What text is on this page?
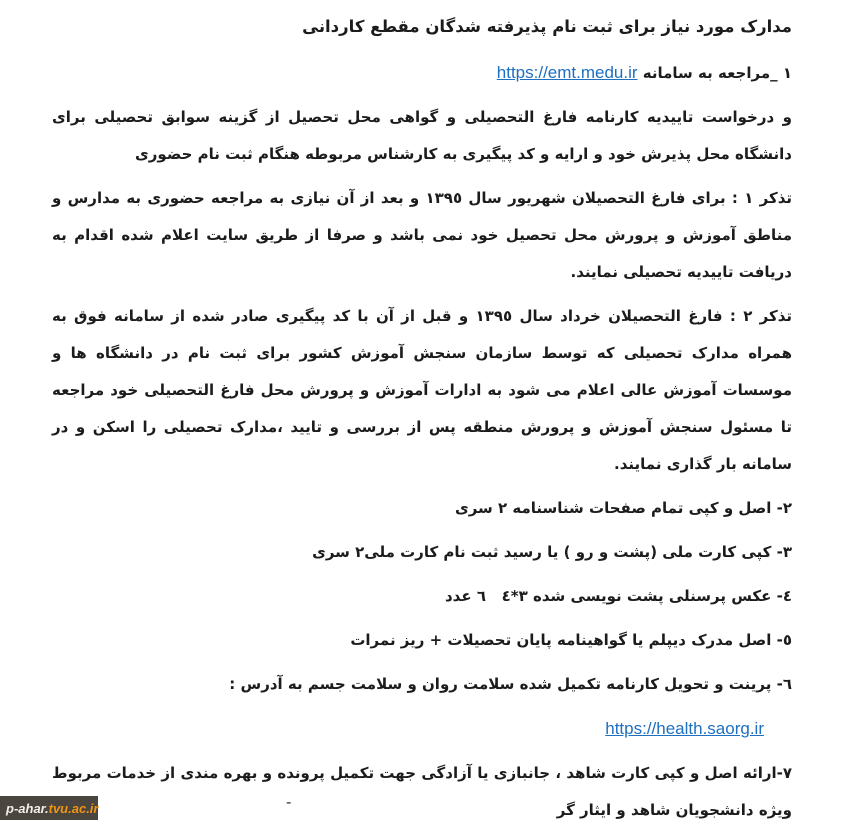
مدارک مورد نیاز برای ثبت نام پذیرفته شدگان مقطع کاردانی

١ _مراجعه به سامانه https://emt.medu.ir

و درخواست تاییدیه کارنامه فارغ التحصیلی و گواهی محل تحصیل از گزینه سوابق تحصیلی برای دانشگاه محل پذیرش خود و ارایه و کد پیگیری به کارشناس مربوطه هنگام ثبت نام حضوری

تذکر ١ : برای فارغ التحصیلان شهریور سال ١٣٩٥ و بعد از آن نیازی به مراجعه حضوری به مدارس و مناطق آموزش و پرورش محل تحصیل خود نمی باشد و صرفا از طریق سایت اعلام شده اقدام به دریافت تاییدیه تحصیلی نمایند.

تذکر ٢ : فارغ التحصیلان خرداد سال ١٣٩٥ و قبل از آن با کد پیگیری صادر شده از سامانه فوق به همراه مدارک تحصیلی که توسط سازمان سنجش آموزش کشور برای ثبت نام در دانشگاه ها و موسسات آموزش عالی اعلام می شود به ادارات آموزش و پرورش محل فارغ التحصیلی خود مراجعه تا مسئول سنجش آموزش و پرورش منطقه پس از بررسی و تایید ،مدارک تحصیلی را اسکن و در سامانه بار گذاری نمایند.

٢- اصل و کپی تمام صفحات شناسنامه ٢ سری

٣- کپی کارت ملی (پشت و رو ) یا رسید ثبت نام کارت ملی٢ سری

٤- عکس پرسنلی پشت نویسی شده ٣*٤   ٦ عدد

٥- اصل مدرک دیپلم یا گواهینامه پایان تحصیلات + ریز نمرات

٦- پرینت و تحویل کارنامه تکمیل شده سلامت روان و سلامت جسم به آدرس :

https://health.saorg.ir

٧-ارائه اصل و کپی کارت شاهد ، جانبازی یا آزادگی جهت تکمیل پرونده و بهره مندی از خدمات مربوط ویژه دانشجویان شاهد و ایثار گر

p-ahar. tvu.ac.ir	-
